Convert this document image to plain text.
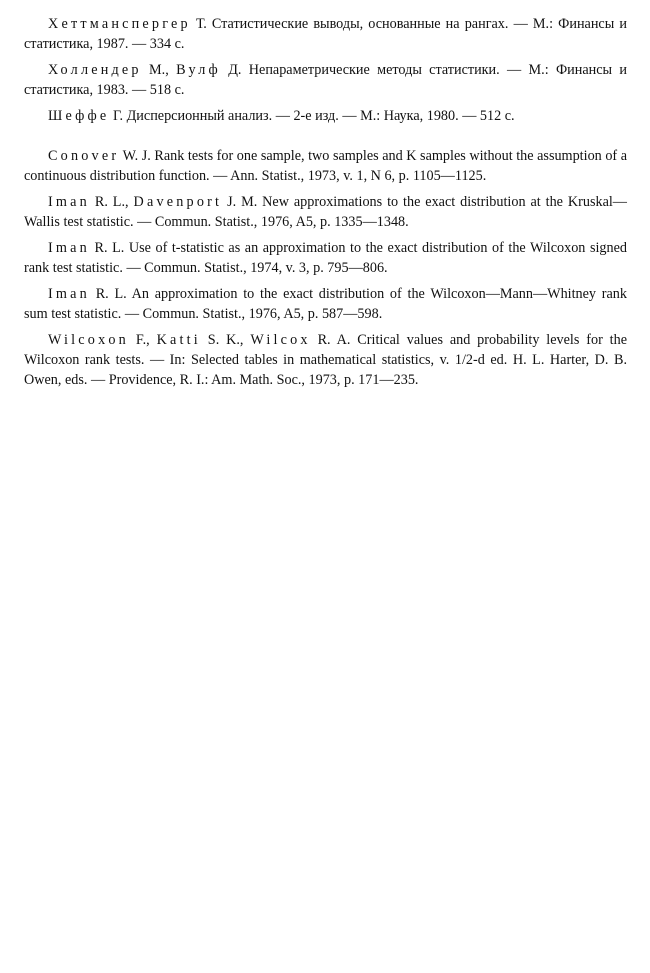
Хеттманспергер Т. Статистические выводы, основанные на рангах. — М.: Финансы и статистика, 1987. — 334 с.

Холлендер М., Вулф Д. Непараметрические методы статистики. — М.: Финансы и статистика, 1983. — 518 с.

Шеффе Г. Дисперсионный анализ. — 2-е изд. — М.: Наука, 1980. — 512 с.

Conover W. J. Rank tests for one sample, two samples and K samples without the assumption of a continuous distribution function. — Ann. Statist., 1973, v. 1, N 6, p. 1105—1125.

Iman R. L., Davenport J. M. New approximations to the exact distribution at the Kruskal—Wallis test statistic. — Commun. Statist., 1976, A5, p. 1335—1348.

Iman R. L. Use of t-statistic as an approximation to the exact distribution of the Wilcoxon signed rank test statistic. — Commun. Statist., 1974, v. 3, p. 795—806.

Iman R. L. An approximation to the exact distribution of the Wilcoxon—Mann—Whitney rank sum test statistic. — Commun. Statist., 1976, A5, p. 587—598.

Wilcoxon F., Katti S. K., Wilcox R. A. Critical values and probability levels for the Wilcoxon rank tests. — In: Selected tables in mathematical statistics, v. 1/2-d ed. H. L. Harter, D. B. Owen, eds. — Providence, R. I.: Am. Math. Soc., 1973, p. 171—235.
